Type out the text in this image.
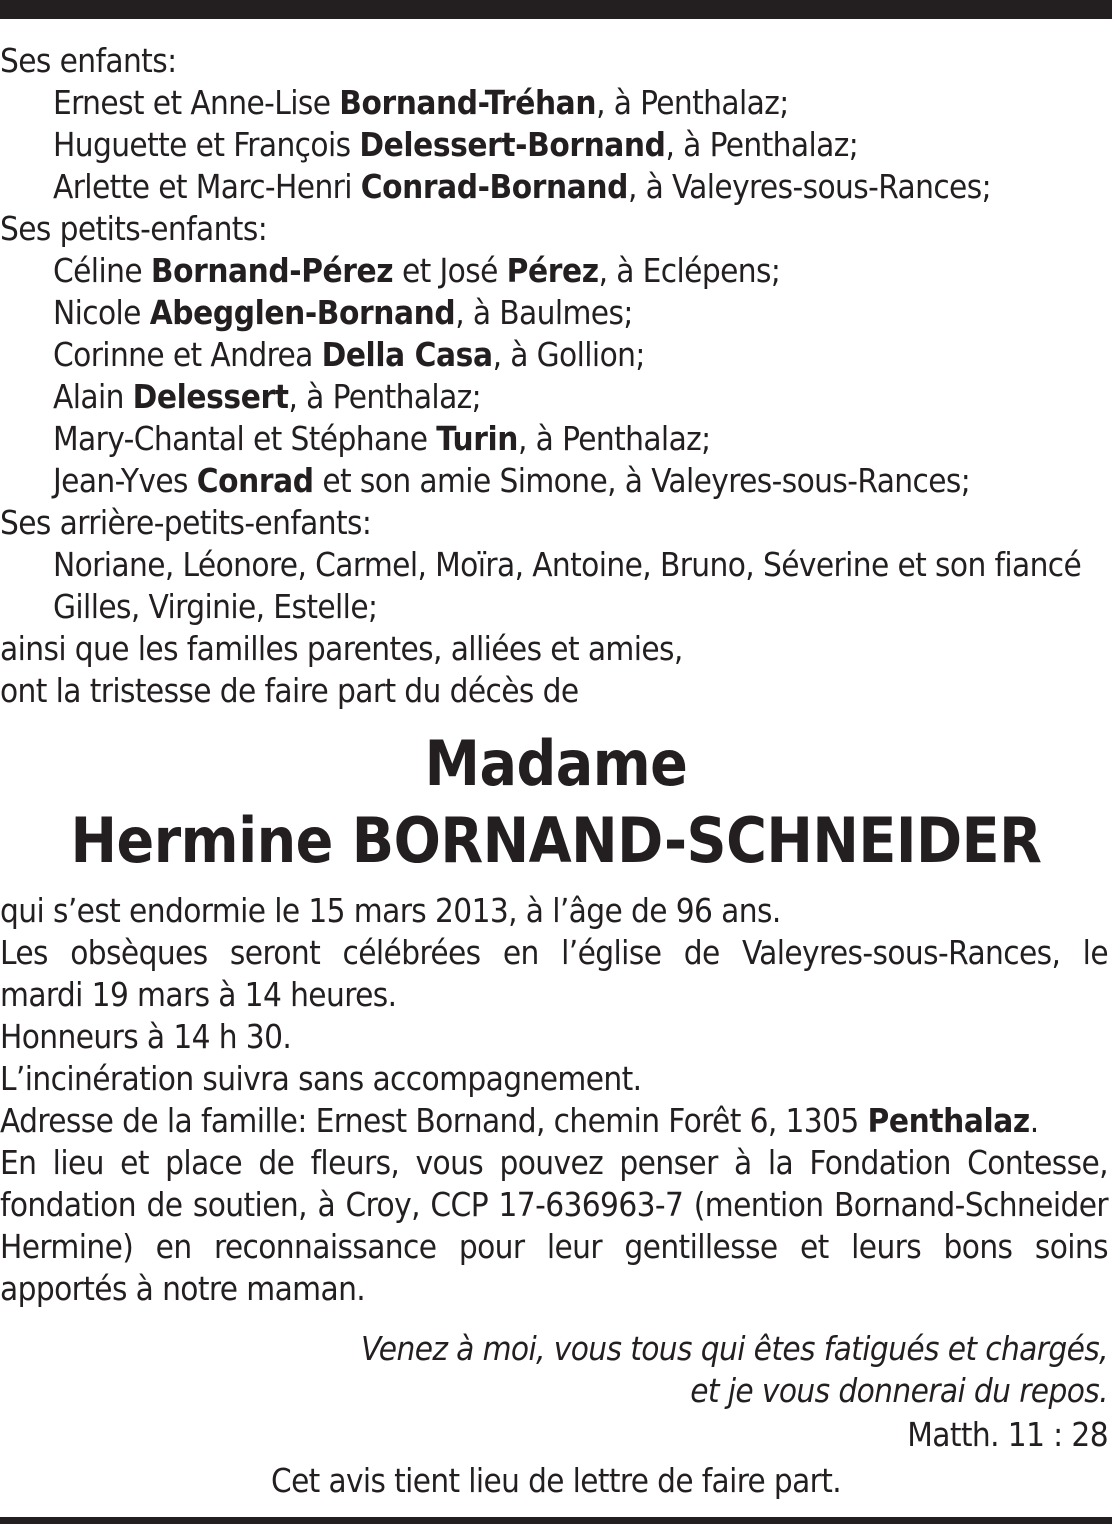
Ses enfants:
Ernest et Anne-Lise Bornand-Tréhan, à Penthalaz;
Huguette et François Delessert-Bornand, à Penthalaz;
Arlette et Marc-Henri Conrad-Bornand, à Valeyres-sous-Rances;
Ses petits-enfants:
Céline Bornand-Pérez et José Pérez, à Eclépens;
Nicole Abegglen-Bornand, à Baulmes;
Corinne et Andrea Della Casa, à Gollion;
Alain Delessert, à Penthalaz;
Mary-Chantal et Stéphane Turin, à Penthalaz;
Jean-Yves Conrad et son amie Simone, à Valeyres-sous-Rances;
Ses arrière-petits-enfants:
Noriane, Léonore, Carmel, Moïra, Antoine, Bruno, Séverine et son fiancé
Gilles, Virginie, Estelle;
ainsi que les familles parentes, alliées et amies,
ont la tristesse de faire part du décès de
Madame
Hermine BORNAND-SCHNEIDER
qui s’est endormie le 15 mars 2013, à l’âge de 96 ans.
Les obsèques seront célébrées en l’église de Valeyres-sous-Rances, le
mardi 19 mars à 14 heures.
Honneurs à 14 h 30.
L’incinération suivra sans accompagnement.
Adresse de la famille: Ernest Bornand, chemin Forêt 6, 1305 Penthalaz.
En lieu et place de fleurs, vous pouvez penser à la Fondation Contesse,
fondation de soutien, à Croy, CCP 17-636963-7 (mention Bornand-Schneider
Hermine) en reconnaissance pour leur gentillesse et leurs bons soins
apportés à notre maman.
Venez à moi, vous tous qui êtes fatigués et chargés,
et je vous donnerai du repos.
Matth. 11 : 28
Cet avis tient lieu de lettre de faire part.
